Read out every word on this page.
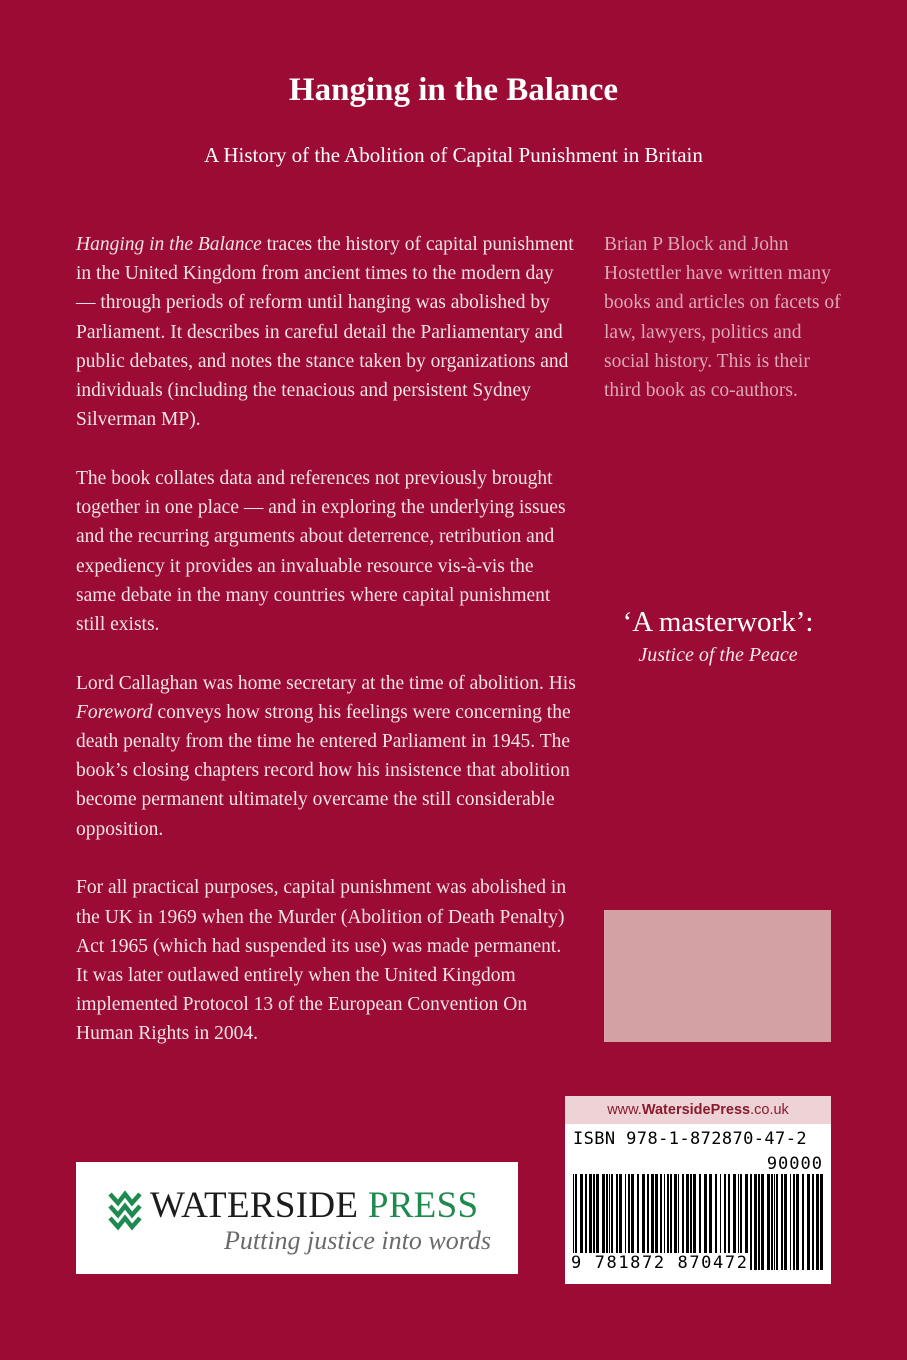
Hanging in the Balance
A History of the Abolition of Capital Punishment in Britain

Hanging in the Balance traces the history of capital punishment in the United Kingdom from ancient times to the modern day — through periods of reform until hanging was abolished by Parliament. It describes in careful detail the Parliamentary and public debates, and notes the stance taken by organizations and individuals (including the tenacious and persistent Sydney Silverman MP).

The book collates data and references not previously brought together in one place — and in exploring the underlying issues and the recurring arguments about deterrence, retribution and expediency it provides an invaluable resource vis-à-vis the same debate in the many countries where capital punishment still exists.

Lord Callaghan was home secretary at the time of abolition. His Foreword conveys how strong his feelings were concerning the death penalty from the time he entered Parliament in 1945. The book’s closing chapters record how his insistence that abolition become permanent ultimately overcame the still considerable opposition.

For all practical purposes, capital punishment was abolished in the UK in 1969 when the Murder (Abolition of Death Penalty) Act 1965 (which had suspended its use) was made permanent. It was later outlawed entirely when the United Kingdom implemented Protocol 13 of the European Convention On Human Rights in 2004.

Brian P Block and John Hostettler have written many books and articles on facets of law, lawyers, politics and social history. This is their third book as co-authors.

‘A masterwork’:
Justice of the Peace
www.WatersidePress.co.uk
ISBN 978-1-872870-47-2
90000
9 781872 870472
WATERSIDE PRESS
Putting justice into words
